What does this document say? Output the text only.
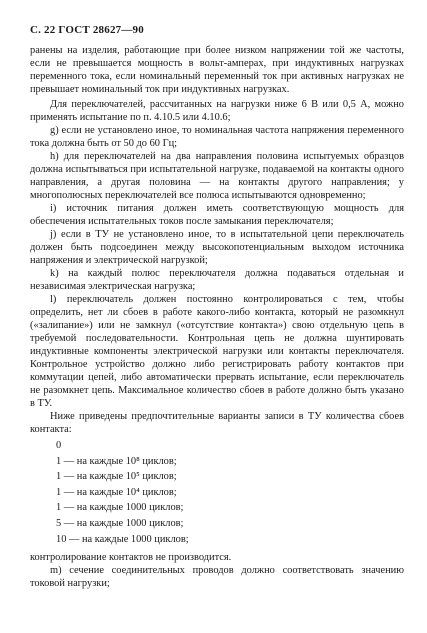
С. 22 ГОСТ 28627—90

ранены на изделия, работающие при более низком напряжении той же частоты, если не превышается мощность в вольт-амперах, при индуктивных нагрузках переменного тока, если номинальный переменный ток при активных нагрузках не превышает номинальный ток при индуктивных нагрузках.

Для переключателей, рассчитанных на нагрузки ниже 6 В или 0,5 А, можно применять испытание по п. 4.10.5 или 4.10.6;

g) если не установлено иное, то номинальная частота напряжения переменного тока должна быть от 50 до 60 Гц;

h) для переключателей на два направления половина испытуемых образцов должна испытываться при испытательной нагрузке, подаваемой на контакты одного направления, а другая половина — на контакты другого направления; у многополюсных переключателей все полюса испытываются одновременно;

i) источник питания должен иметь соответствующую мощность для обеспечения испытательных токов после замыкания переключателя;

j) если в ТУ не установлено иное, то в испытательной цепи переключатель должен быть подсоединен между высокопотенциальным выходом источника напряжения и электрической нагрузкой;

k) на каждый полюс переключателя должна подаваться отдельная и независимая электрическая нагрузка;

l) переключатель должен постоянно контролироваться с тем, чтобы определить, нет ли сбоев в работе какого-либо контакта, который не разомкнул («залипание») или не замкнул («отсутствие контакта») свою отдельную цепь в требуемой последовательности. Контрольная цепь не должна шунтировать индуктивные компоненты электрической нагрузки или контакты переключателя. Контрольное устройство должно либо регистрировать работу контактов при коммутации цепей, либо автоматически прервать испытание, если переключатель не разомкнет цепь. Максимальное количество сбоев в работе должно быть указано в ТУ.

Ниже приведены предпочтительные варианты записи в ТУ количества сбоев контакта:

0
1 — на каждые 10⁸ циклов;
1 — на каждые 10⁵ циклов;
1 — на каждые 10⁴ циклов;
1 — на каждые 1000 циклов;
5 — на каждые 1000 циклов;
10 — на каждые 1000 циклов;

контролирование контактов не производится.

m) сечение соединительных проводов должно соответствовать значению токовой нагрузки;
